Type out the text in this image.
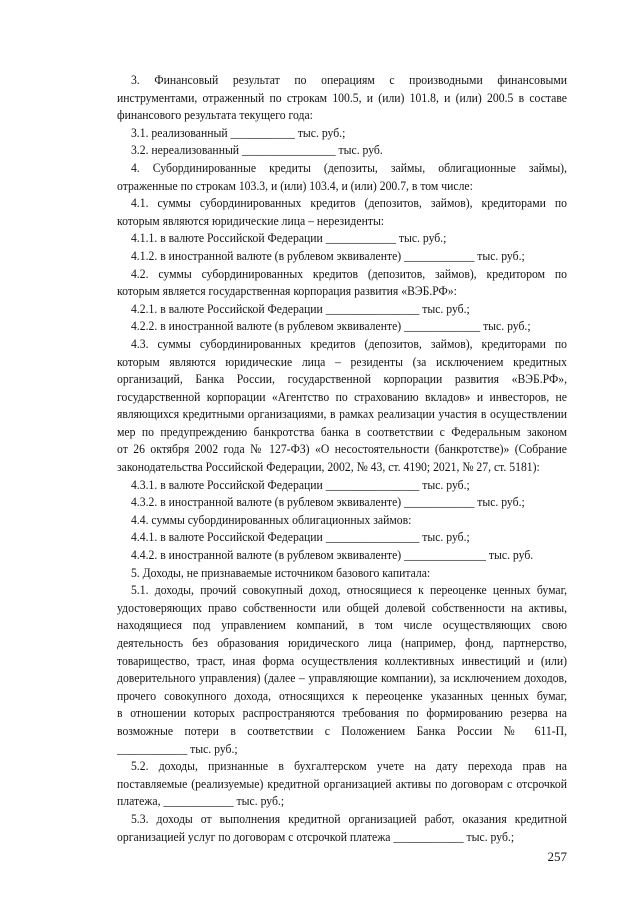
3. Финансовый результат по операциям с производными финансовыми
инструментами, отраженный по строкам 100.5, и (или) 101.8, и (или) 200.5 в составе
финансового результата текущего года:
3.1. реализованный ___________ тыс. руб.;
3.2. нереализованный ________________ тыс. руб.
4. Субординированные кредиты (депозиты, займы, облигационные займы),
отраженные по строкам 103.3, и (или) 103.4, и (или) 200.7, в том числе:
4.1. суммы субординированных кредитов (депозитов, займов), кредиторами по
которым являются юридические лица – нерезиденты:
4.1.1. в валюте Российской Федерации ____________ тыс. руб.;
4.1.2. в иностранной валюте (в рублевом эквиваленте) ____________ тыс. руб.;
4.2. суммы субординированных кредитов (депозитов, займов), кредитором по
которым является государственная корпорация развития «ВЭБ.РФ»:
4.2.1. в валюте Российской Федерации ________________ тыс. руб.;
4.2.2. в иностранной валюте (в рублевом эквиваленте) _____________ тыс. руб.;
4.3. суммы субординированных кредитов (депозитов, займов), кредиторами по
которым являются юридические лица – резиденты (за исключением кредитных
организаций, Банка России, государственной корпорации развития «ВЭБ.РФ»,
государственной корпорации «Агентство по страхованию вкладов» и инвесторов, не
являющихся кредитными организациями, в рамках реализации участия в осуществлении
мер по предупреждению банкротства банка в соответствии с Федеральным законом
от 26 октября 2002 года № 127-ФЗ) «О несостоятельности (банкротстве)» (Собрание
законодательства Российской Федерации, 2002, № 43, ст. 4190; 2021, № 27, ст. 5181):
4.3.1. в валюте Российской Федерации ________________ тыс. руб.;
4.3.2. в иностранной валюте (в рублевом эквиваленте) ____________ тыс. руб.;
4.4. суммы субординированных облигационных займов:
4.4.1. в валюте Российской Федерации ________________ тыс. руб.;
4.4.2. в иностранной валюте (в рублевом эквиваленте) ______________ тыс. руб.
5. Доходы, не признаваемые источником базового капитала:
5.1. доходы, прочий совокупный доход, относящиеся к переоценке ценных бумаг,
удостоверяющих право собственности или общей долевой собственности на активы,
находящиеся под управлением компаний, в том числе осуществляющих свою
деятельность без образования юридического лица (например, фонд, партнерство,
товарищество, траст, иная форма осуществления коллективных инвестиций и (или)
доверительного управления) (далее – управляющие компании), за исключением доходов,
прочего совокупного дохода, относящихся к переоценке указанных ценных бумаг,
в отношении которых распространяются требования по формированию резерва на
возможные потери в соответствии с Положением Банка России № 611-П,
____________ тыс. руб.;
5.2. доходы, признанные в бухгалтерском учете на дату перехода прав на
поставляемые (реализуемые) кредитной организацией активы по договорам с отсрочкой
платежа, ____________ тыс. руб.;
5.3. доходы от выполнения кредитной организацией работ, оказания кредитной
организацией услуг по договорам с отсрочкой платежа ____________ тыс. руб.;
257
